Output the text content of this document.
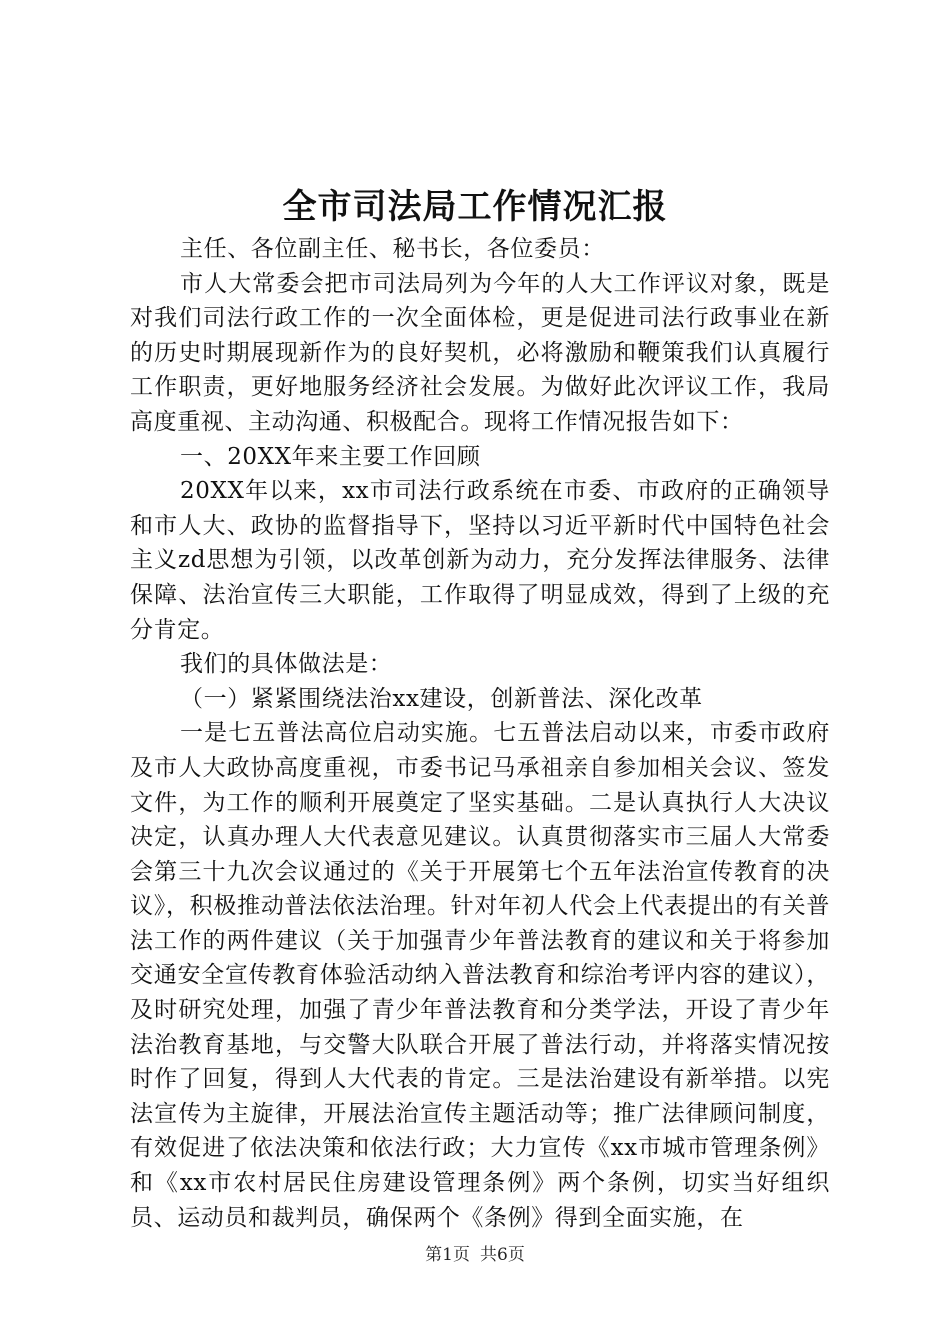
全市司法局工作情况汇报

主任、各位副主任、秘书长，各位委员：

市人大常委会把市司法局列为今年的人大工作评议对象，既是对我们司法行政工作的一次全面体检，更是促进司法行政事业在新的历史时期展现新作为的良好契机，必将激励和鞭策我们认真履行工作职责，更好地服务经济社会发展。为做好此次评议工作，我局高度重视、主动沟通、积极配合。现将工作情况报告如下：

一、20XX年来主要工作回顾

20XX年以来，xx市司法行政系统在市委、市政府的正确领导和市人大、政协的监督指导下，坚持以习近平新时代中国特色社会主义zd思想为引领，以改革创新为动力，充分发挥法律服务、法律保障、法治宣传三大职能，工作取得了明显成效，得到了上级的充分肯定。

我们的具体做法是：

（一）紧紧围绕法治xx建设，创新普法、深化改革

一是七五普法高位启动实施。七五普法启动以来，市委市政府及市人大政协高度重视，市委书记马承祖亲自参加相关会议、签发文件，为工作的顺利开展奠定了坚实基础。二是认真执行人大决议决定，认真办理人大代表意见建议。认真贯彻落实市三届人大常委会第三十九次会议通过的《关于开展第七个五年法治宣传教育的决议》，积极推动普法依法治理。针对年初人代会上代表提出的有关普法工作的两件建议（关于加强青少年普法教育的建议和关于将参加交通安全宣传教育体验活动纳入普法教育和综治考评内容的建议），及时研究处理，加强了青少年普法教育和分类学法，开设了青少年法治教育基地，与交警大队联合开展了普法行动，并将落实情况按时作了回复，得到人大代表的肯定。三是法治建设有新举措。以宪法宣传为主旋律，开展法治宣传主题活动等；推广法律顾问制度，有效促进了依法决策和依法行政；大力宣传《xx市城市管理条例》和《xx市农村居民住房建设管理条例》两个条例，切实当好组织员、运动员和裁判员，确保两个《条例》得到全面实施，在

第1页 共6页
